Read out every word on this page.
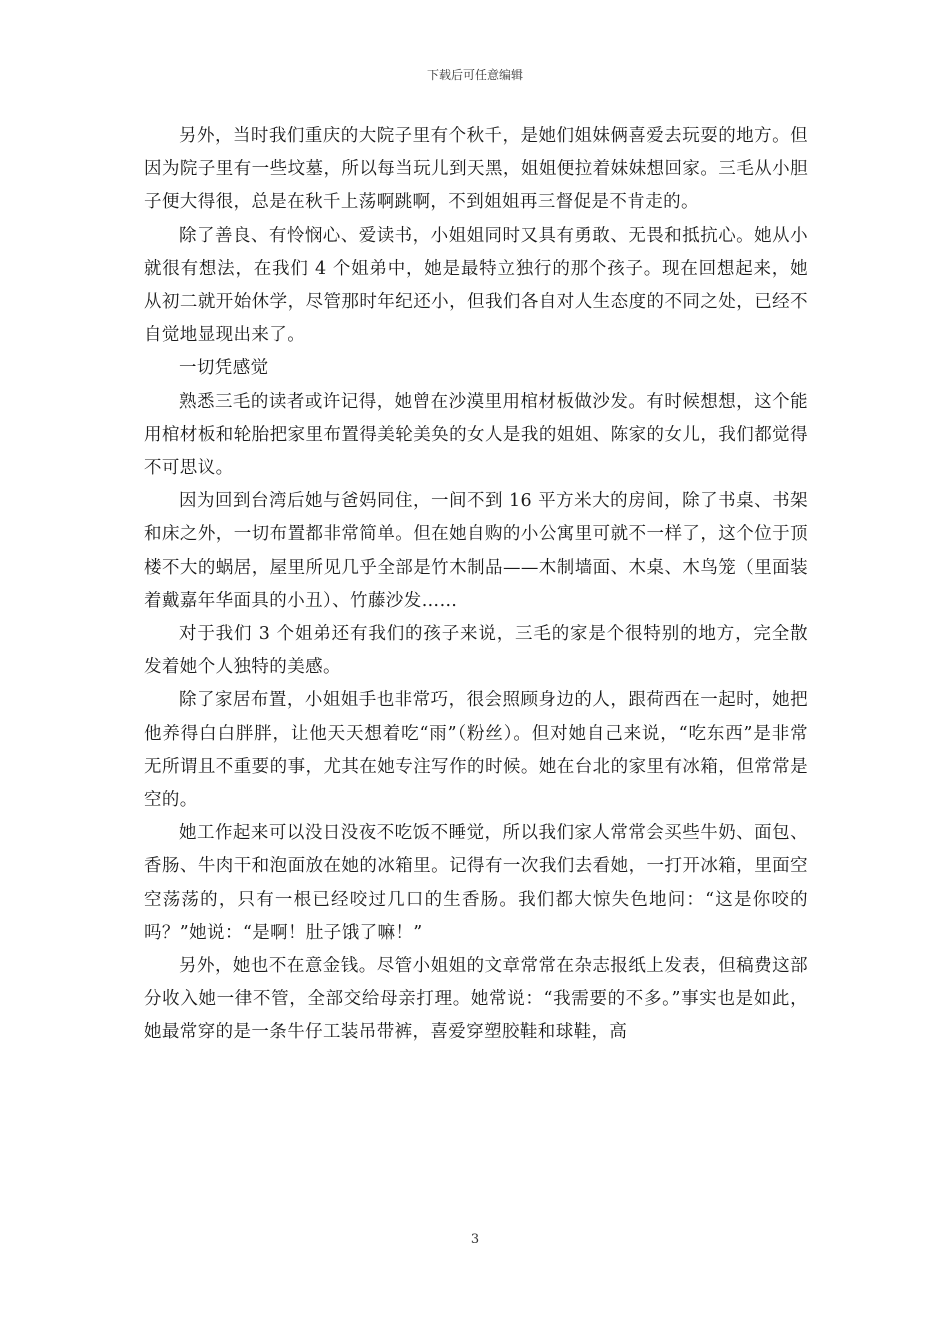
下载后可任意编辑

另外，当时我们重庆的大院子里有个秋千，是她们姐妹俩喜爱去玩耍的地方。但因为院子里有一些坟墓，所以每当玩儿到天黑，姐姐便拉着妹妹想回家。三毛从小胆子便大得很，总是在秋千上荡啊跳啊，不到姐姐再三督促是不肯走的。

除了善良、有怜悯心、爱读书，小姐姐同时又具有勇敢、无畏和抵抗心。她从小就很有想法，在我们 4 个姐弟中，她是最特立独行的那个孩子。现在回想起来，她从初二就开始休学，尽管那时年纪还小，但我们各自对人生态度的不同之处，已经不自觉地显现出来了。

一切凭感觉

熟悉三毛的读者或许记得，她曾在沙漠里用棺材板做沙发。有时候想想，这个能用棺材板和轮胎把家里布置得美轮美奂的女人是我的姐姐、陈家的女儿，我们都觉得不可思议。

因为回到台湾后她与爸妈同住，一间不到 16 平方米大的房间，除了书桌、书架和床之外，一切布置都非常简单。但在她自购的小公寓里可就不一样了，这个位于顶楼不大的蜗居，屋里所见几乎全部是竹木制品——木制墙面、木桌、木鸟笼（里面装着戴嘉年华面具的小丑）、竹藤沙发……

对于我们 3 个姐弟还有我们的孩子来说，三毛的家是个很特别的地方，完全散发着她个人独特的美感。

除了家居布置，小姐姐手也非常巧，很会照顾身边的人，跟荷西在一起时，她把他养得白白胖胖，让他天天想着吃“雨”（粉丝）。但对她自己来说，“吃东西”是非常无所谓且不重要的事，尤其在她专注写作的时候。她在台北的家里有冰箱，但常常是空的。

她工作起来可以没日没夜不吃饭不睡觉，所以我们家人常常会买些牛奶、面包、香肠、牛肉干和泡面放在她的冰箱里。记得有一次我们去看她，一打开冰箱，里面空空荡荡的，只有一根已经咬过几口的生香肠。我们都大惊失色地问：“这是你咬的吗？”她说：“是啊！肚子饿了嘛！”

另外，她也不在意金钱。尽管小姐姐的文章常常在杂志报纸上发表，但稿费这部分收入她一律不管，全部交给母亲打理。她常说：“我需要的不多。”事实也是如此，她最常穿的是一条牛仔工装吊带裤，喜爱穿塑胶鞋和球鞋，高

3
